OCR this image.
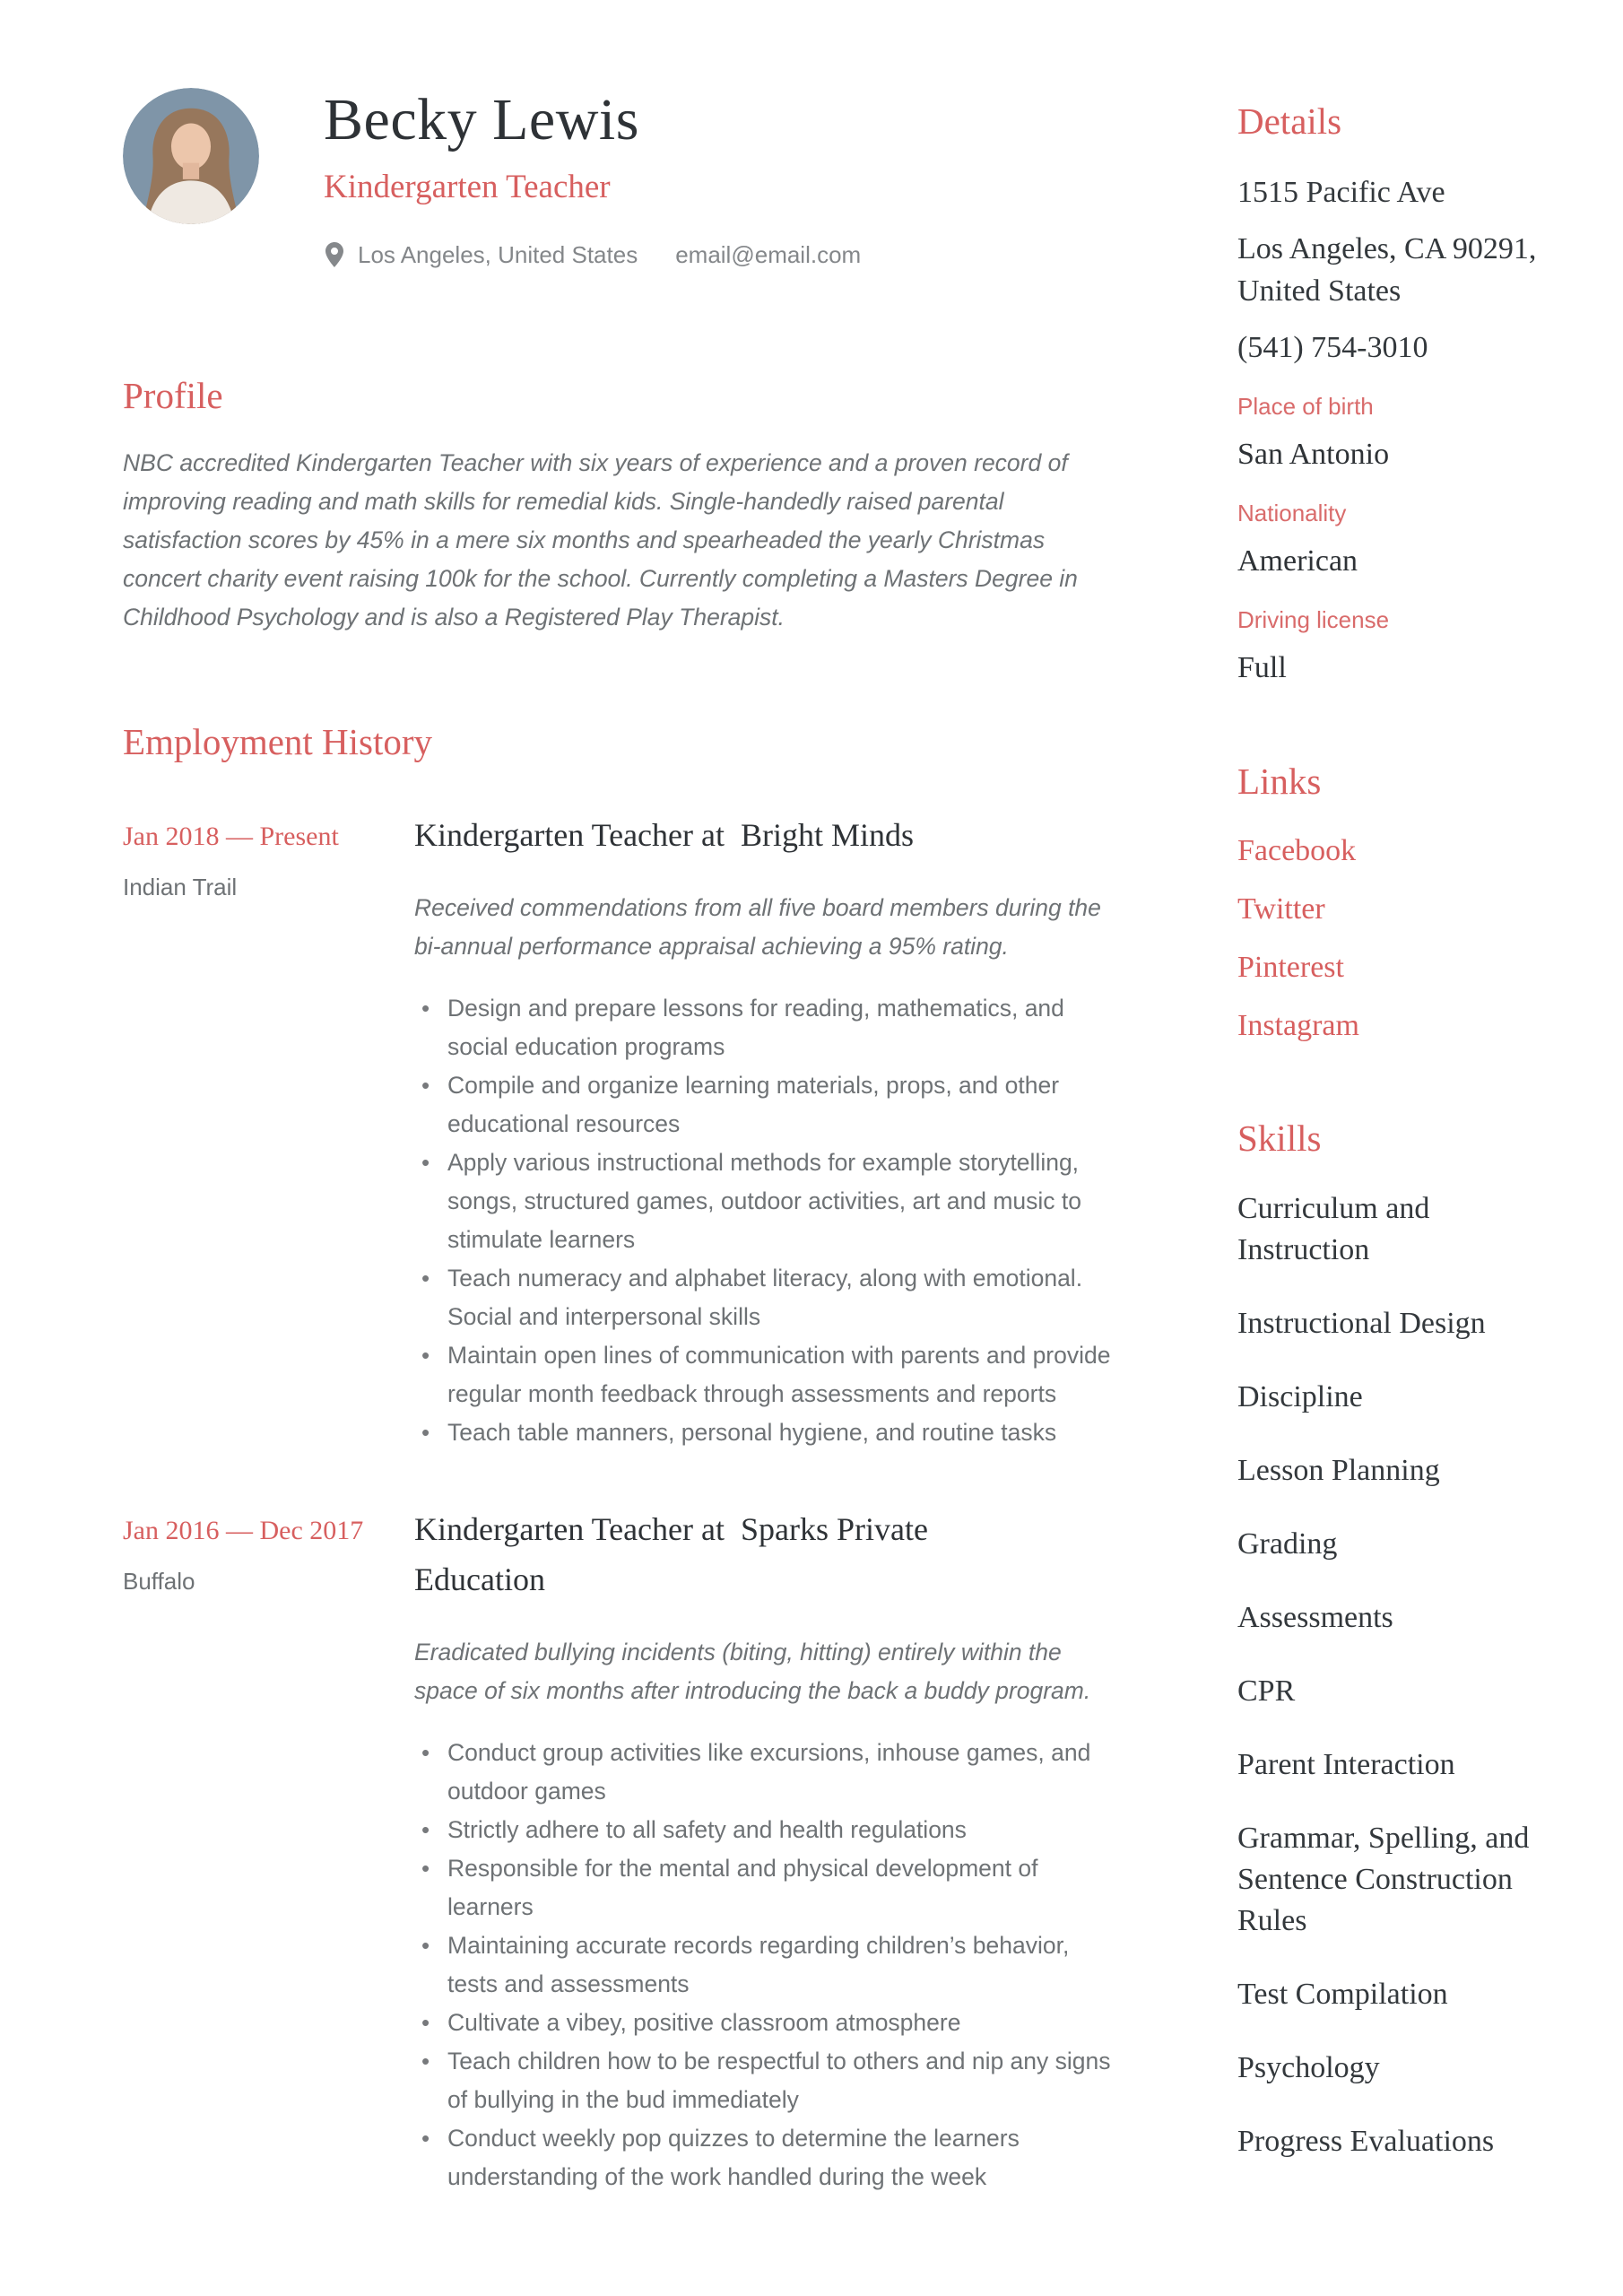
Becky Lewis
Kindergarten Teacher
Los Angeles, United States email@email.com
Profile

NBC accredited Kindergarten Teacher with six years of experience and a proven record of improving reading and math skills for remedial kids. Single-handedly raised parental satisfaction scores by 45% in a mere six months and spearheaded the yearly Christmas concert charity event raising 100k for the school. Currently completing a Masters Degree in Childhood Psychology and is also a Registered Play Therapist.

Employment History
Jan 2018 — Present
Indian Trail
Kindergarten Teacher at  Bright Minds

Received commendations from all five board members during the bi-annual performance appraisal achieving a 95% rating.

• Design and prepare lessons for reading, mathematics, and social education programs
• Compile and organize learning materials, props, and other educational resources
• Apply various instructional methods for example storytelling, songs, structured games, outdoor activities, art and music to stimulate learners
• Teach numeracy and alphabet literacy, along with emotional. Social and interpersonal skills
• Maintain open lines of communication with parents and provide regular month feedback through assessments and reports
• Teach table manners, personal hygiene, and routine tasks
Jan 2016 — Dec 2017
Buffalo
Kindergarten Teacher at  Sparks Private Education

Eradicated bullying incidents (biting, hitting) entirely within the space of six months after introducing the back a buddy program.

• Conduct group activities like excursions, inhouse games, and outdoor games
• Strictly adhere to all safety and health regulations
• Responsible for the mental and physical development of learners
• Maintaining accurate records regarding children’s behavior, tests and assessments
• Cultivate a vibey, positive classroom atmosphere
• Teach children how to be respectful to others and nip any signs of bullying in the bud immediately
• Conduct weekly pop quizzes to determine the learners understanding of the work handled during the week
Details

1515 Pacific Ave

Los Angeles, CA 90291, United States

(541) 754-3010

Place of birth
San Antonio
Nationality
American
Driving license
Full
Links
Facebook
Twitter
Pinterest
Instagram
Skills
Curriculum and Instruction
Instructional Design
Discipline
Lesson Planning
Grading
Assessments
CPR
Parent Interaction
Grammar, Spelling, and Sentence Construction Rules
Test Compilation
Psychology
Progress Evaluations
